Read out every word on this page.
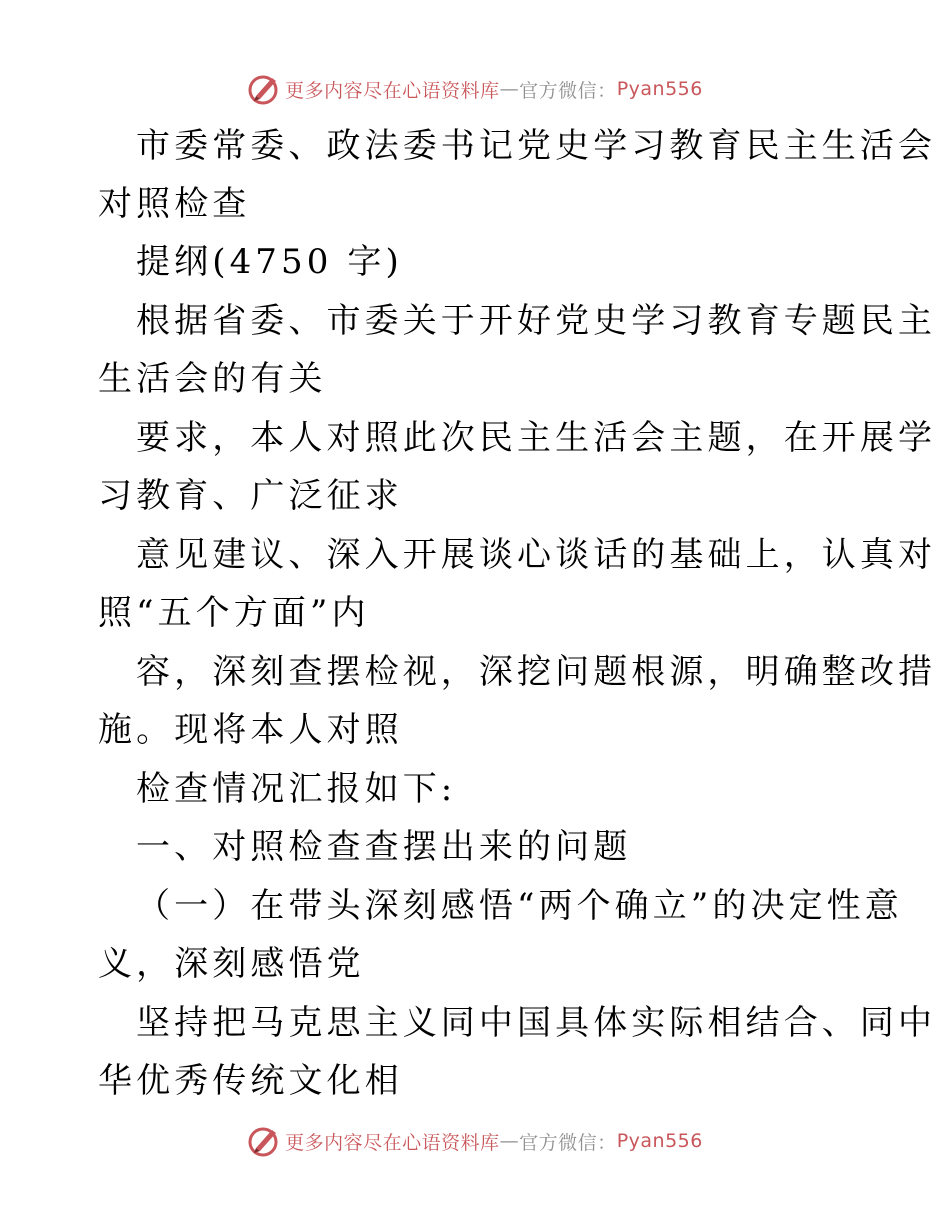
更多内容尽在心语资料库 — 官方微信： Pyan556
市委常委、政法委书记党史学习教育民主生活会
对照检查
提纲(4750 字)
根据省委、市委关于开好党史学习教育专题民主
生活会的有关
要求，本人对照此次民主生活会主题，在开展学
习教育、广泛征求
意见建议、深入开展谈心谈话的基础上，认真对
照“五个方面”内
容，深刻查摆检视，深挖问题根源，明确整改措
施。现将本人对照
检查情况汇报如下:
一、对照检查查摆出来的问题
（一）在带头深刻感悟“两个确立”的决定性意
义，深刻感悟党
坚持把马克思主义同中国具体实际相结合、同中
华优秀传统文化相
更多内容尽在心语资料库 — 官方微信： Pyan556
